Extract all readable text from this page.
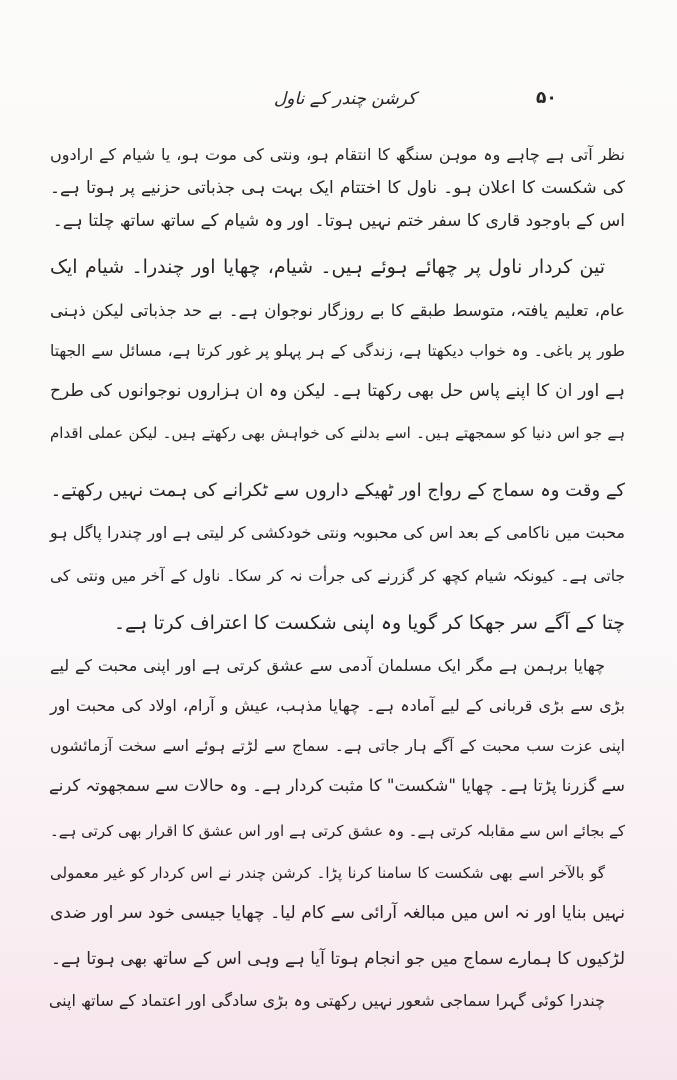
۵۰
کرشن چندر کے ناول
نظر آتی ہے چاہے وہ موہن سنگھ کا انتقام ہو، ونتی کی موت ہو، یا شیام کے ارادوں
کی شکست کا اعلان ہو۔ ناول کا اختتام ایک بہت ہی جذباتی حزنیے پر ہوتا ہے۔
اس کے باوجود قاری کا سفر ختم نہیں ہوتا۔ اور وہ شیام کے ساتھ ساتھ چلتا ہے۔
تین کردار ناول پر چھائے ہوئے ہیں۔ شیام، چھایا اور چندرا۔ شیام ایک
عام، تعلیم یافتہ، متوسط طبقے کا بے روزگار نوجوان ہے۔ بے حد جذباتی لیکن ذہنی
طور پر باغی۔ وہ خواب دیکھتا ہے، زندگی کے ہر پہلو پر غور کرتا ہے، مسائل سے الجھتا
ہے اور ان کا اپنے پاس حل بھی رکھتا ہے۔ لیکن وہ ان ہزاروں نوجوانوں کی طرح
ہے جو اس دنیا کو سمجھتے ہیں۔ اسے بدلنے کی خواہش بھی رکھتے ہیں۔ لیکن عملی اقدام
کے وقت وہ سماج کے رواج اور ٹھیکے داروں سے ٹکرانے کی ہمت نہیں رکھتے۔
محبت میں ناکامی کے بعد اس کی محبوبہ ونتی خودکشی کر لیتی ہے اور چندرا پاگل ہو
جاتی ہے۔ کیونکہ شیام کچھ کر گزرنے کی جرأت نہ کر سکا۔ ناول کے آخر میں ونتی کی
چتا کے آگے سر جھکا کر گویا وہ اپنی شکست کا اعتراف کرتا ہے۔
چھایا برہمن ہے مگر ایک مسلمان آدمی سے عشق کرتی ہے اور اپنی محبت کے لیے
بڑی سے بڑی قربانی کے لیے آمادہ ہے۔ چھایا مذہب، عیش و آرام، اولاد کی محبت اور
اپنی عزت سب محبت کے آگے ہار جاتی ہے۔ سماج سے لڑتے ہوئے اسے سخت آزمائشوں
سے گزرنا پڑتا ہے۔ چھایا "شکست" کا مثبت کردار ہے۔ وہ حالات سے سمجھوتہ کرنے
کے بجائے اس سے مقابلہ کرتی ہے۔ وہ عشق کرتی ہے اور اس عشق کا اقرار بھی کرتی ہے۔
گو بالآخر اسے بھی شکست کا سامنا کرنا پڑا۔ کرشن چندر نے اس کردار کو غیر معمولی
نہیں بنایا اور نہ اس میں مبالغہ آرائی سے کام لیا۔ چھایا جیسی خود سر اور ضدی
لڑکیوں کا ہمارے سماج میں جو انجام ہوتا آیا ہے وہی اس کے ساتھ بھی ہوتا ہے۔
چندرا کوئی گہرا سماجی شعور نہیں رکھتی وہ بڑی سادگی اور اعتماد کے ساتھ اپنی
